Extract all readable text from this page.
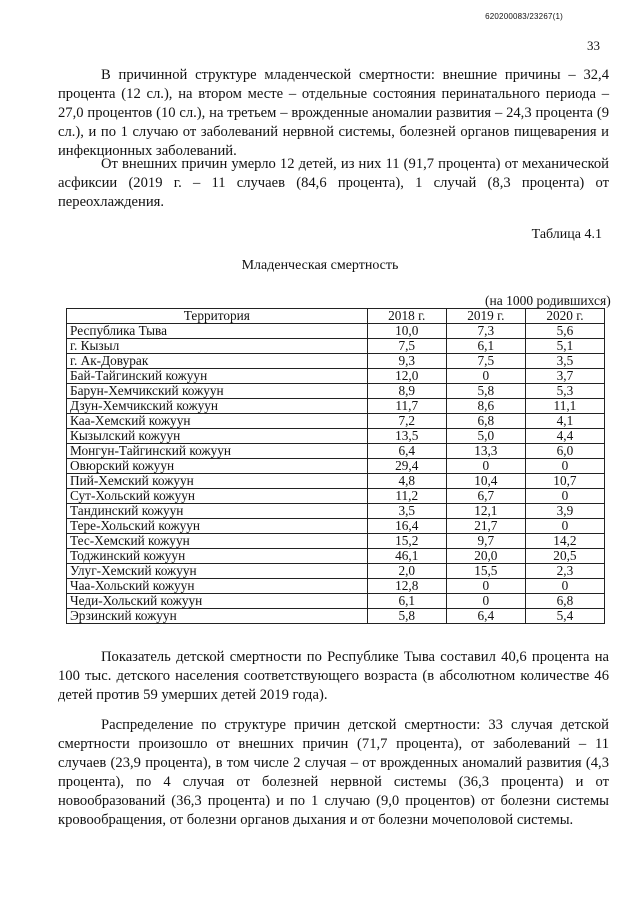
620200083/23267(1)
33

В причинной структуре младенческой смертности: внешние причины – 32,4 процента (12 сл.), на втором месте – отдельные состояния перинатального периода – 27,0 процентов (10 сл.), на третьем – врожденные аномалии развития – 24,3 процента (9 сл.), и по 1 случаю от заболеваний нервной системы, болезней органов пищеварения и инфекционных заболеваний.

От внешних причин умерло 12 детей, из них 11 (91,7 процента) от механической асфиксии (2019 г. – 11 случаев (84,6 процента), 1 случай (8,3 процента) от переохлаждения.

Таблица 4.1
Младенческая смертность
(на 1000 родившихся)
Территория	2018 г.	2019 г.	2020 г.
Республика Тыва	10,0	7,3	5,6
г. Кызыл	7,5	6,1	5,1
г. Ак-Довурак	9,3	7,5	3,5
Бай-Тайгинский кожуун	12,0	0	3,7
Барун-Хемчикский кожуун	8,9	5,8	5,3
Дзун-Хемчикский кожуун	11,7	8,6	11,1
Каа-Хемский кожуун	7,2	6,8	4,1
Кызылский кожуун	13,5	5,0	4,4
Монгун-Тайгинский кожуун	6,4	13,3	6,0
Овюрский кожуун	29,4	0	0
Пий-Хемский кожуун	4,8	10,4	10,7
Сут-Хольский кожуун	11,2	6,7	0
Тандинский кожуун	3,5	12,1	3,9
Тере-Хольский кожуун	16,4	21,7	0
Тес-Хемский кожуун	15,2	9,7	14,2
Тоджинский кожуун	46,1	20,0	20,5
Улуг-Хемский кожуун	2,0	15,5	2,3
Чаа-Хольский кожуун	12,8	0	0
Чеди-Хольский кожуун	6,1	0	6,8
Эрзинский кожуун	5,8	6,4	5,4

Показатель детской смертности по Республике Тыва составил 40,6 процента на 100 тыс. детского населения соответствующего возраста (в абсолютном количестве 46 детей против 59 умерших детей 2019 года).

Распределение по структуре причин детской смертности: 33 случая детской смертности произошло от внешних причин (71,7 процента), от заболеваний – 11 случаев (23,9 процента), в том числе 2 случая – от врожденных аномалий развития (4,3 процента), по 4 случая от болезней нервной системы (36,3 процента) и от новообразований (36,3 процента) и по 1 случаю (9,0 процентов) от болезни системы кровообращения, от болезни органов дыхания и от болезни мочеполовой системы.
